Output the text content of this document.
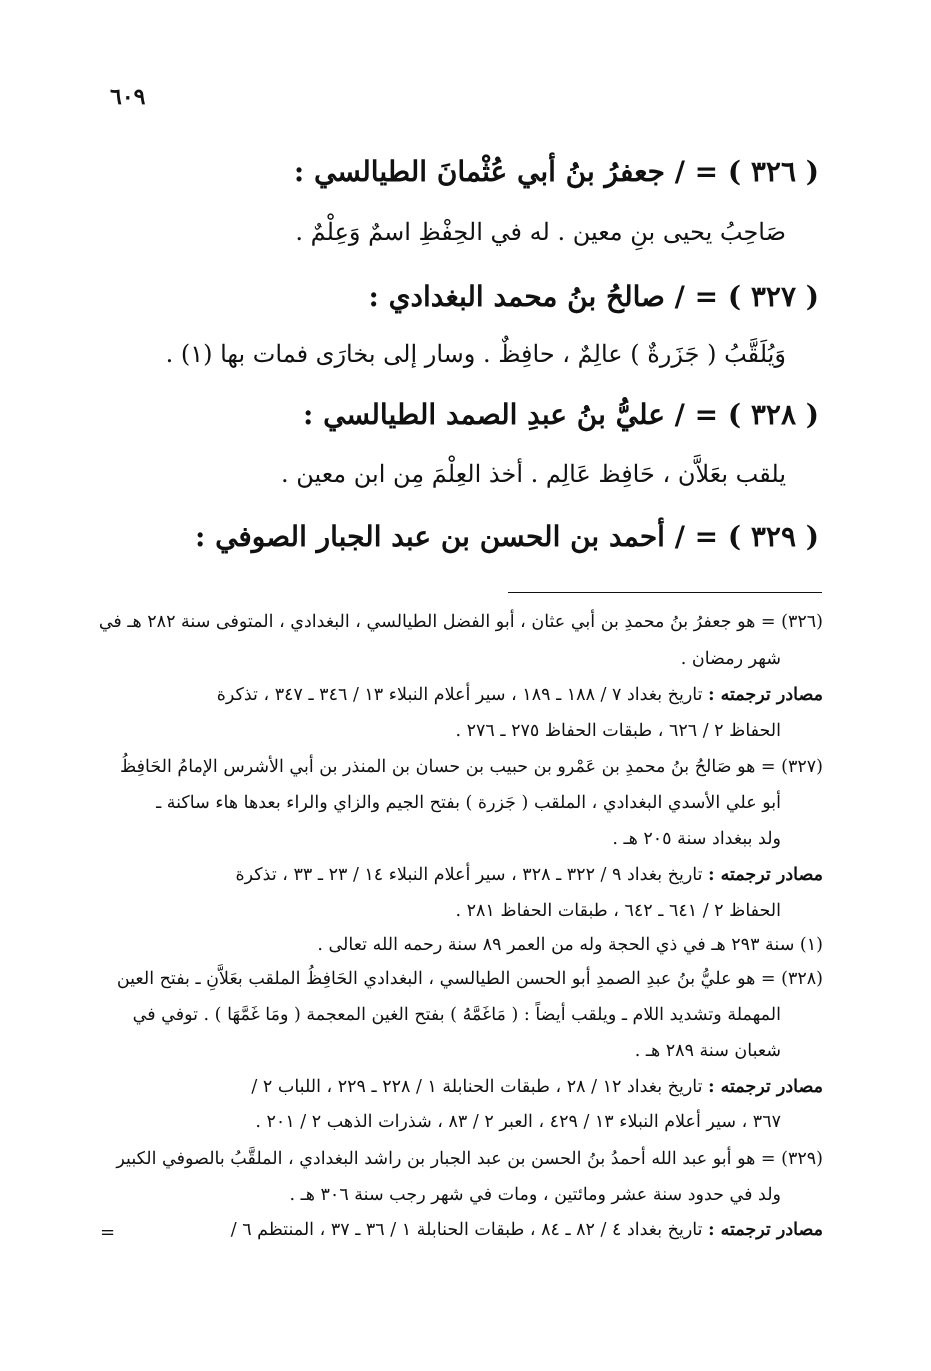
٦٠٩
( ٣٢٦ ) = / جعفرُ بنُ أبي عُثْمانَ الطيالسي :
صَاحِبُ يحيى بنِ معين . له في الحِفْظِ اسمٌ وَعِلْمٌ .
( ٣٢٧ ) = / صالحُ بنُ محمد البغدادي :
وَيُلَقَّبُ ( جَزَرةٌ ) عالِمٌ ، حافِظٌ . وسار إلى بخارَى فمات بها (١) .
( ٣٢٨ ) = / عليُّ بنُ عبدِ الصمد الطيالسي :
يلقب بعَلاَّن ، حَافِظ عَالِم . أخذ العِلْمَ مِن ابن معين .
( ٣٢٩ ) = / أحمد بن الحسن بن عبد الجبار الصوفي :
(٣٢٦) = هو جعفرُ بنُ محمدِ بن أبي عثان ، أبو الفضل الطيالسي ، البغدادي ، المتوفى سنة ٢٨٢ هـ في
شهر رمضان .
مصادر ترجمته : تاريخ بغداد ٧ / ١٨٨ ـ ١٨٩ ، سير أعلام النبلاء ١٣ / ٣٤٦ ـ ٣٤٧ ، تذكرة
الحفاظ ٢ / ٦٢٦ ، طبقات الحفاظ ٢٧٥ ـ ٢٧٦ .
(٣٢٧) = هو صَالحُ بنُ محمدِ بن عَمْرو بن حبيب بن حسان بن المنذر بن أبي الأشرس الإمامُ الحَافِظُ
أبو علي الأسدي البغدادي ، الملقب ( جَزرة ) بفتح الجيم والزاي والراء بعدها هاء ساكنة ـ
ولد ببغداد سنة ٢٠٥ هـ .
مصادر ترجمته : تاريخ بغداد ٩ / ٣٢٢ ـ ٣٢٨ ، سير أعلام النبلاء ١٤ / ٢٣ ـ ٣٣ ، تذكرة
الحفاظ ٢ / ٦٤١ ـ ٦٤٢ ، طبقات الحفاظ ٢٨١ .
(١) سنة ٢٩٣ هـ في ذي الحجة وله من العمر ٨٩ سنة رحمه الله تعالى .
(٣٢٨) = هو عليُّ بنُ عبدِ الصمدِ أبو الحسن الطيالسي ، البغدادي الحَافِظُ الملقب بعَلاَّنِ ـ بفتح العين
المهملة وتشديد اللام ـ ويلقب أيضاً : ( مَاغَمَّهُ ) بفتح الغين المعجمة ( ومَا غَمَّهَا ) . توفي في
شعبان سنة ٢٨٩ هـ .
مصادر ترجمته : تاريخ بغداد ١٢ / ٢٨ ، طبقات الحنابلة ١ / ٢٢٨ ـ ٢٢٩ ، اللباب ٢ /
٣٦٧ ، سير أعلام النبلاء ١٣ / ٤٢٩ ، العبر ٢ / ٨٣ ، شذرات الذهب ٢ / ٢٠١ .
(٣٢٩) = هو أبو عبد الله أحمدُ بنُ الحسن بن عبد الجبار بن راشد البغدادي ، الملقَّبُ بالصوفي الكبير
ولد في حدود سنة عشر ومائتين ، ومات في شهر رجب سنة ٣٠٦ هـ .
مصادر ترجمته : تاريخ بغداد ٤ / ٨٢ ـ ٨٤ ، طبقات الحنابلة ١ / ٣٦ ـ ٣٧ ، المنتظم ٦ /
=
